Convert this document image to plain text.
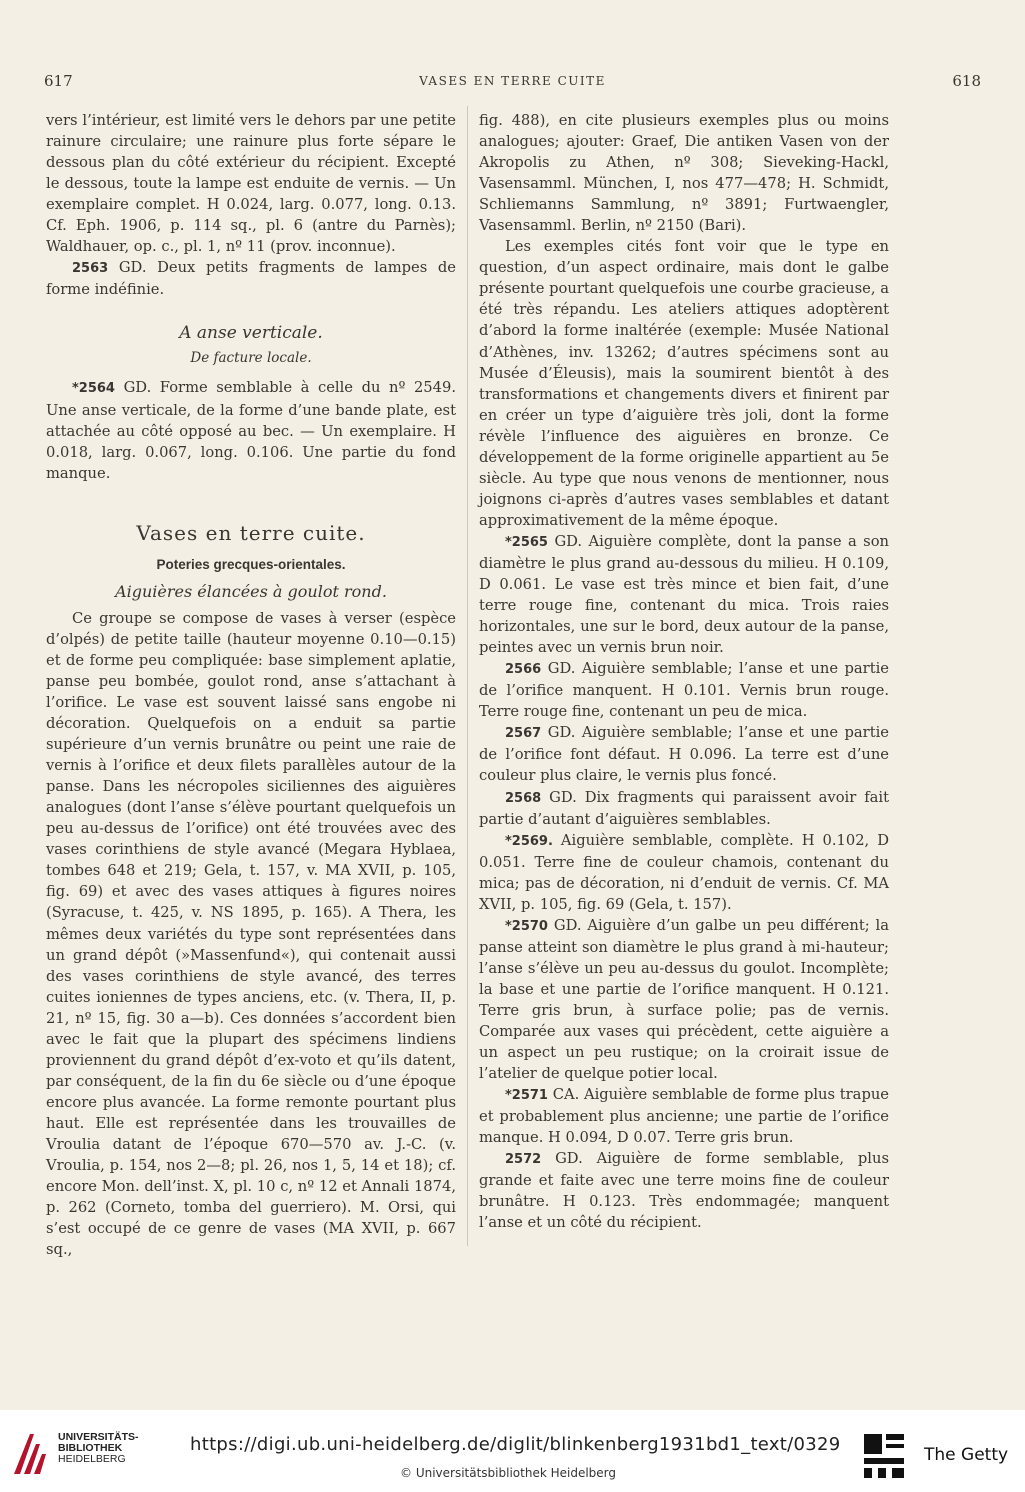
617	VASES EN TERRE CUITE	618

vers l’intérieur, est limité vers le dehors par une petite rainure circulaire; une rainure plus forte sépare le dessous plan du côté extérieur du récipient. Excepté le dessous, toute la lampe est enduite de vernis. — Un exemplaire complet. H 0.024, larg. 0.077, long. 0.13. Cf. Eph. 1906, p. 114 sq., pl. 6 (antre du Parnès); Waldhauer, op. c., pl. 1, nº 11 (prov. inconnue).

2563 GD. Deux petits fragments de lampes de forme indéfinie.

A anse verticale.
De facture locale.

*2564 GD. Forme semblable à celle du nº 2549. Une anse verticale, de la forme d’une bande plate, est attachée au côté opposé au bec. — Un exemplaire. H 0.018, larg. 0.067, long. 0.106. Une partie du fond manque.

Vases en terre cuite.
Poteries grecques-orientales.
Aiguières élancées à goulot rond.

Ce groupe se compose de vases à verser (espèce d’olpés) de petite taille (hauteur moyenne 0.10—0.15) et de forme peu compliquée: base simplement aplatie, panse peu bombée, goulot rond, anse s’attachant à l’orifice. Le vase est souvent laissé sans engobe ni décoration. Quelquefois on a enduit sa partie supérieure d’un vernis brunâtre ou peint une raie de vernis à l’orifice et deux filets parallèles autour de la panse. Dans les nécropoles siciliennes des aiguières analogues (dont l’anse s’élève pourtant quelquefois un peu au-dessus de l’orifice) ont été trouvées avec des vases corinthiens de style avancé (Megara Hyblaea, tombes 648 et 219; Gela, t. 157, v. MA XVII, p. 105, fig. 69) et avec des vases attiques à figures noires (Syracuse, t. 425, v. NS 1895, p. 165). A Thera, les mêmes deux variétés du type sont représentées dans un grand dépôt (»Massenfund«), qui contenait aussi des vases corinthiens de style avancé, des terres cuites ioniennes de types anciens, etc. (v. Thera, II, p. 21, nº 15, fig. 30 a—b). Ces données s’accordent bien avec le fait que la plupart des spécimens lindiens proviennent du grand dépôt d’ex-voto et qu’ils datent, par conséquent, de la fin du 6e siècle ou d’une époque encore plus avancée. La forme remonte pourtant plus haut. Elle est représentée dans les trouvailles de Vroulia datant de l’époque 670—570 av. J.-C. (v. Vroulia, p. 154, nos 2—8; pl. 26, nos 1, 5, 14 et 18); cf. encore Mon. dell’inst. X, pl. 10 c, nº 12 et Annali 1874, p. 262 (Corneto, tomba del guerriero). M. Orsi, qui s’est occupé de ce genre de vases (MA XVII, p. 667 sq.,

fig. 488), en cite plusieurs exemples plus ou moins analogues; ajouter: Graef, Die antiken Vasen von der Akropolis zu Athen, nº 308; Sieveking-Hackl, Vasensamml. München, I, nos 477—478; H. Schmidt, Schliemanns Sammlung, nº 3891; Furtwaengler, Vasensamml. Berlin, nº 2150 (Bari).

Les exemples cités font voir que le type en question, d’un aspect ordinaire, mais dont le galbe présente pourtant quelquefois une courbe gracieuse, a été très répandu. Les ateliers attiques adoptèrent d’abord la forme inaltérée (exemple: Musée National d’Athènes, inv. 13262; d’autres spécimens sont au Musée d’Éleusis), mais la soumirent bientôt à des transformations et changements divers et finirent par en créer un type d’aiguière très joli, dont la forme révèle l’influence des aiguières en bronze. Ce développement de la forme originelle appartient au 5e siècle. Au type que nous venons de mentionner, nous joignons ci-après d’autres vases semblables et datant approximativement de la même époque.

*2565 GD. Aiguière complète, dont la panse a son diamètre le plus grand au-dessous du milieu. H 0.109, D 0.061. Le vase est très mince et bien fait, d’une terre rouge fine, contenant du mica. Trois raies horizontales, une sur le bord, deux autour de la panse, peintes avec un vernis brun noir.

2566 GD. Aiguière semblable; l’anse et une partie de l’orifice manquent. H 0.101. Vernis brun rouge. Terre rouge fine, contenant un peu de mica.

2567 GD. Aiguière semblable; l’anse et une partie de l’orifice font défaut. H 0.096. La terre est d’une couleur plus claire, le vernis plus foncé.

2568 GD. Dix fragments qui paraissent avoir fait partie d’autant d’aiguières semblables.

*2569. Aiguière semblable, complète. H 0.102, D 0.051. Terre fine de couleur chamois, contenant du mica; pas de décoration, ni d’enduit de vernis. Cf. MA XVII, p. 105, fig. 69 (Gela, t. 157).

*2570 GD. Aiguière d’un galbe un peu différent; la panse atteint son diamètre le plus grand à mi-hauteur; l’anse s’élève un peu au-dessus du goulot. Incomplète; la base et une partie de l’orifice manquent. H 0.121. Terre gris brun, à surface polie; pas de vernis. Comparée aux vases qui précèdent, cette aiguière a un aspect un peu rustique; on la croirait issue de l’atelier de quelque potier local.

*2571 CA. Aiguière semblable de forme plus trapue et probablement plus ancienne; une partie de l’orifice manque. H 0.094, D 0.07. Terre gris brun.

2572 GD. Aiguière de forme semblable, plus grande et faite avec une terre moins fine de couleur brunâtre. H 0.123. Très endommagée; manquent l’anse et un côté du récipient.

UNIVERSITÄTS-
BIBLIOTHEK
HEIDELBERG
https://digi.ub.uni-heidelberg.de/diglit/blinkenberg1931bd1_text/0329
© Universitätsbibliothek Heidelberg
The Getty
